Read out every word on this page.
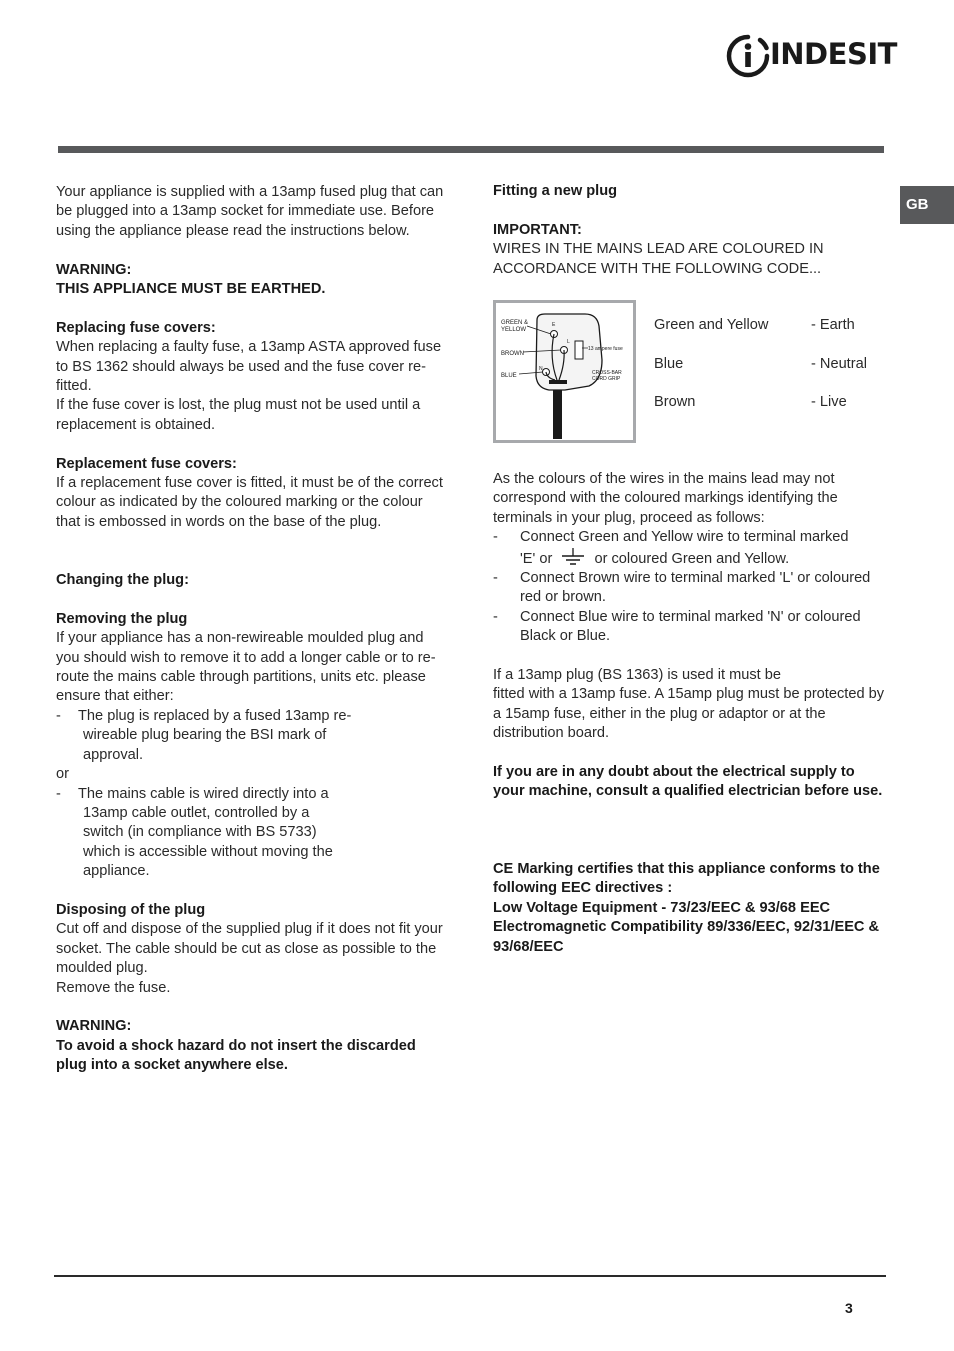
INDESIT
GB

Your appliance is supplied with a 13amp fused plug that can be plugged into a 13amp socket for immediate use. Before using the appliance please read the instructions below.

WARNING:

THIS APPLIANCE MUST BE EARTHED.

Replacing fuse covers:

When replacing a faulty fuse, a 13amp ASTA approved fuse to BS 1362 should always be used and the fuse cover re-fitted.

If the fuse cover is lost, the plug must not be used until a replacement is obtained.

Replacement fuse covers:

If a replacement fuse cover is fitted, it must be of the correct colour as indicated by the coloured marking or the colour that is embossed in words on the base of the plug.

Changing the plug:

Removing the plug

If your appliance has a non-rewireable moulded plug and you should wish to remove it to add a longer cable or to re-route the mains cable through partitions, units etc. please ensure that either:

-	The plug is replaced by a fused 13amp re-

wireable plug bearing the BSI mark of

approval.

or

-	The mains cable is wired directly into a

13amp cable outlet, controlled by a

switch (in compliance with BS 5733)

which is accessible without moving the

appliance.

Disposing of the plug

Cut off and dispose of the supplied plug if it does not fit your socket. The cable should be cut as close as possible to the moulded plug.

Remove the fuse.

WARNING:

To avoid a shock hazard do not insert the discarded plug into a socket anywhere else.

Fitting a new plug

IMPORTANT:

WIRES IN THE MAINS LEAD ARE COLOURED IN ACCORDANCE WITH THE FOLLOWING CODE...

GREEN &
YELLOW
BROWN
BLUE
13 ampere fuse
CROSS-BAR
CORD GRIP
E
L
N
Green and Yellow	- Earth
Blue	- Neutral
Brown	- Live

As the colours of the wires in the mains lead may not correspond with the coloured markings identifying the terminals in your plug, proceed as follows:

-	Connect Green and Yellow wire to terminal marked
'E' or	or coloured Green and Yellow.
-	Connect Brown wire to terminal marked 'L' or coloured red or brown.
-	Connect Blue wire to terminal marked 'N' or coloured Black or Blue.

If a 13amp plug (BS 1363) is used it must be

fitted with a 13amp fuse. A 15amp plug must be protected by a 15amp fuse, either in the plug or adaptor or at the distribution board.

If you are in any doubt about the electrical supply to your machine, consult a qualified electrician before use.

CE Marking certifies that this appliance conforms to the following EEC directives :

Low Voltage Equipment - 73/23/EEC & 93/68 EEC

Electromagnetic Compatibility 89/336/EEC, 92/31/EEC & 93/68/EEC

3
